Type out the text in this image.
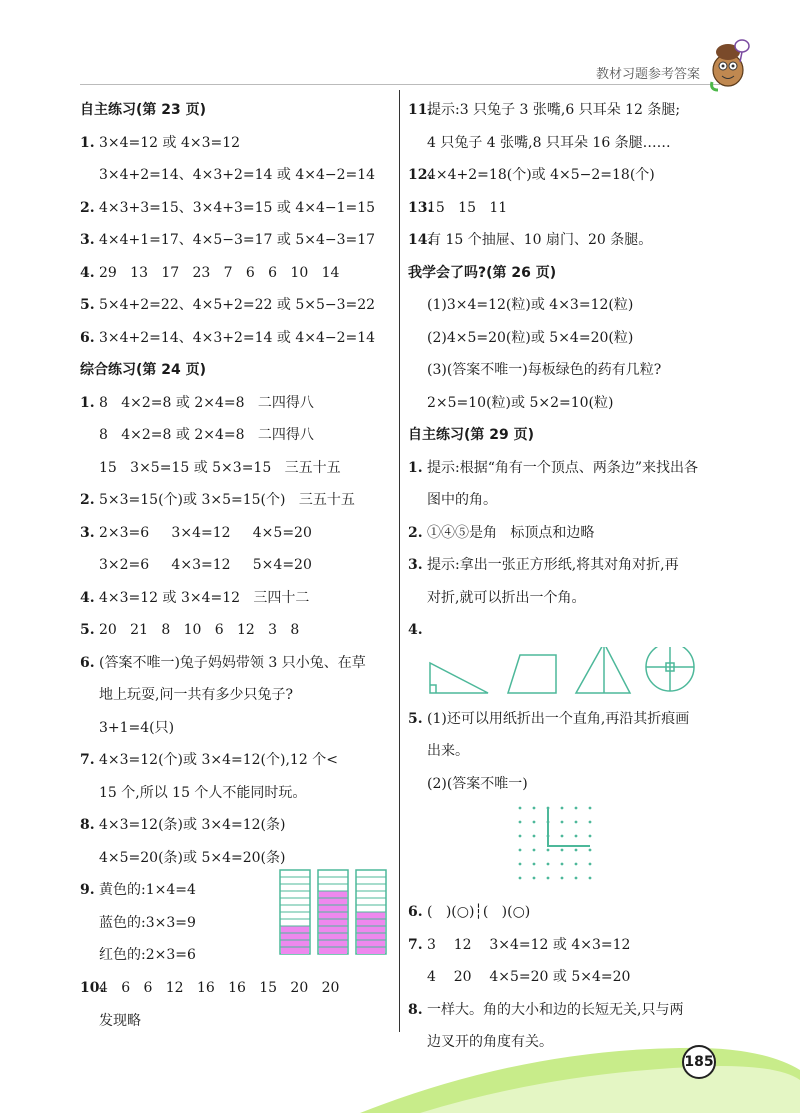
教材习题参考答案
自主练习(第 23 页)
1. 3×4=12 或 4×3=12
3×4+2=14、4×3+2=14 或 4×4−2=14
2. 4×3+3=15、3×4+3=15 或 4×4−1=15
3. 4×4+1=17、4×5−3=17 或 5×4−3=17
4. 29   13   17   23   7   6   6   10   14
5. 5×4+2=22、4×5+2=22 或 5×5−3=22
6. 3×4+2=14、4×3+2=14 或 4×4−2=14
综合练习(第 24 页)
1. 8   4×2=8 或 2×4=8   二四得八
8   4×2=8 或 2×4=8   二四得八
15   3×5=15 或 5×3=15   三五十五
2. 5×3=15(个)或 3×5=15(个)   三五十五
3. 2×3=6     3×4=12     4×5=20
3×2=6     4×3=12     5×4=20
4. 4×3=12 或 3×4=12   三四十二
5. 20   21   8   10   6   12   3   8
6. (答案不唯一)兔子妈妈带领 3 只小兔、在草
地上玩耍,问一共有多少只兔子?
3+1=4(只)
7. 4×3=12(个)或 3×4=12(个),12 个<
15 个,所以 15 个人不能同时玩。
8. 4×3=12(条)或 3×4=12(条)
4×5=20(条)或 5×4=20(条)
9. 黄色的:1×4=4
蓝色的:3×3=9
红色的:2×3=6
10.4   6   6   12   16   16   15   20   20
发现略
11.提示:3 只兔子 3 张嘴,6 只耳朵 12 条腿;
4 只兔子 4 张嘴,8 只耳朵 16 条腿……
12.4×4+2=18(个)或 4×5−2=18(个)
13.15   15   11
14.有 15 个抽屉、10 扇门、20 条腿。
我学会了吗?(第 26 页)
(1)3×4=12(粒)或 4×3=12(粒)
(2)4×5=20(粒)或 5×4=20(粒)
(3)(答案不唯一)每板绿色的药有几粒?
2×5=10(粒)或 5×2=10(粒)
自主练习(第 29 页)
1. 提示:根据“角有一个顶点、两条边”来找出各
图中的角。
2. ①④⑤是角   标顶点和边略
3. 提示:拿出一张正方形纸,将其对角对折,再
对折,就可以折出一个角。
4.
5. (1)还可以用纸折出一个直角,再沿其折痕画
出来。
(2)(答案不唯一)
6. (   )(○)┆(   )(○)
7. 3    12    3×4=12 或 4×3=12
4    20    4×5=20 或 5×4=20
8. 一样大。角的大小和边的长短无关,只与两
边叉开的角度有关。
185
